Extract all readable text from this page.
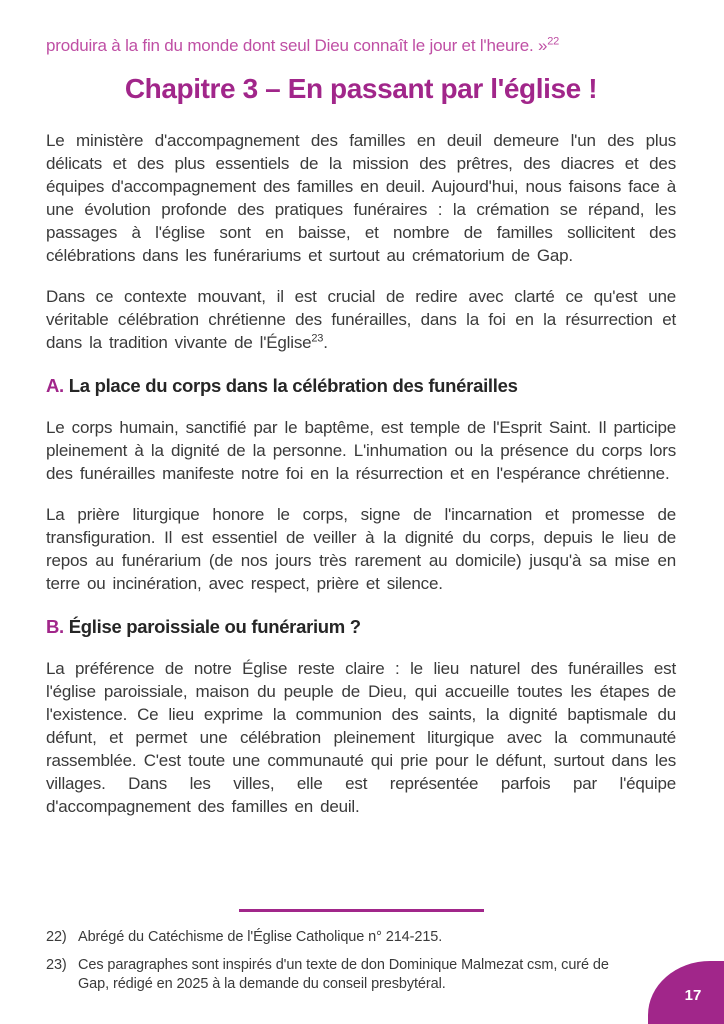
produira à la fin du monde dont seul Dieu connaît le jour et l'heure. »$^{22}$

Chapitre 3 – En passant par l'église !

Le ministère d'accompagnement des familles en deuil demeure l'un des plus délicats et des plus essentiels de la mission des prêtres, des diacres et des équipes d'accompagnement des familles en deuil. Aujourd'hui, nous faisons face à une évolution profonde des pratiques funéraires : la crémation se répand, les passages à l'église sont en baisse, et nombre de familles sollicitent des célébrations dans les funérariums et surtout au crématorium de Gap.

Dans ce contexte mouvant, il est crucial de redire avec clarté ce qu'est une véritable célébration chrétienne des funérailles, dans la foi en la résurrection et dans la tradition vivante de l'Église$^{23}$.

A. La place du corps dans la célébration des funérailles

Le corps humain, sanctifié par le baptême, est temple de l'Esprit Saint. Il participe pleinement à la dignité de la personne. L'inhumation ou la présence du corps lors des funérailles manifeste notre foi en la résurrection et en l'espérance chrétienne.

La prière liturgique honore le corps, signe de l'incarnation et promesse de transfiguration. Il est essentiel de veiller à la dignité du corps, depuis le lieu de repos au funérarium (de nos jours très rarement au domicile) jusqu'à sa mise en terre ou incinération, avec respect, prière et silence.

B. Église paroissiale ou funérarium ?

La préférence de notre Église reste claire : le lieu naturel des funérailles est l'église paroissiale, maison du peuple de Dieu, qui accueille toutes les étapes de l'existence. Ce lieu exprime la communion des saints, la dignité baptismale du défunt, et permet une célébration pleinement liturgique avec la communauté rassemblée. C'est toute une communauté qui prie pour le défunt, surtout dans les villages. Dans les villes, elle est représentée parfois par l'équipe d'accompagnement des familles en deuil.

22) Abrégé du Catéchisme de l'Église Catholique n° 214-215.
23) Ces paragraphes sont inspirés d'un texte de don Dominique Malmezat csm, curé de Gap, rédigé en 2025 à la demande du conseil presbytéral.
17
